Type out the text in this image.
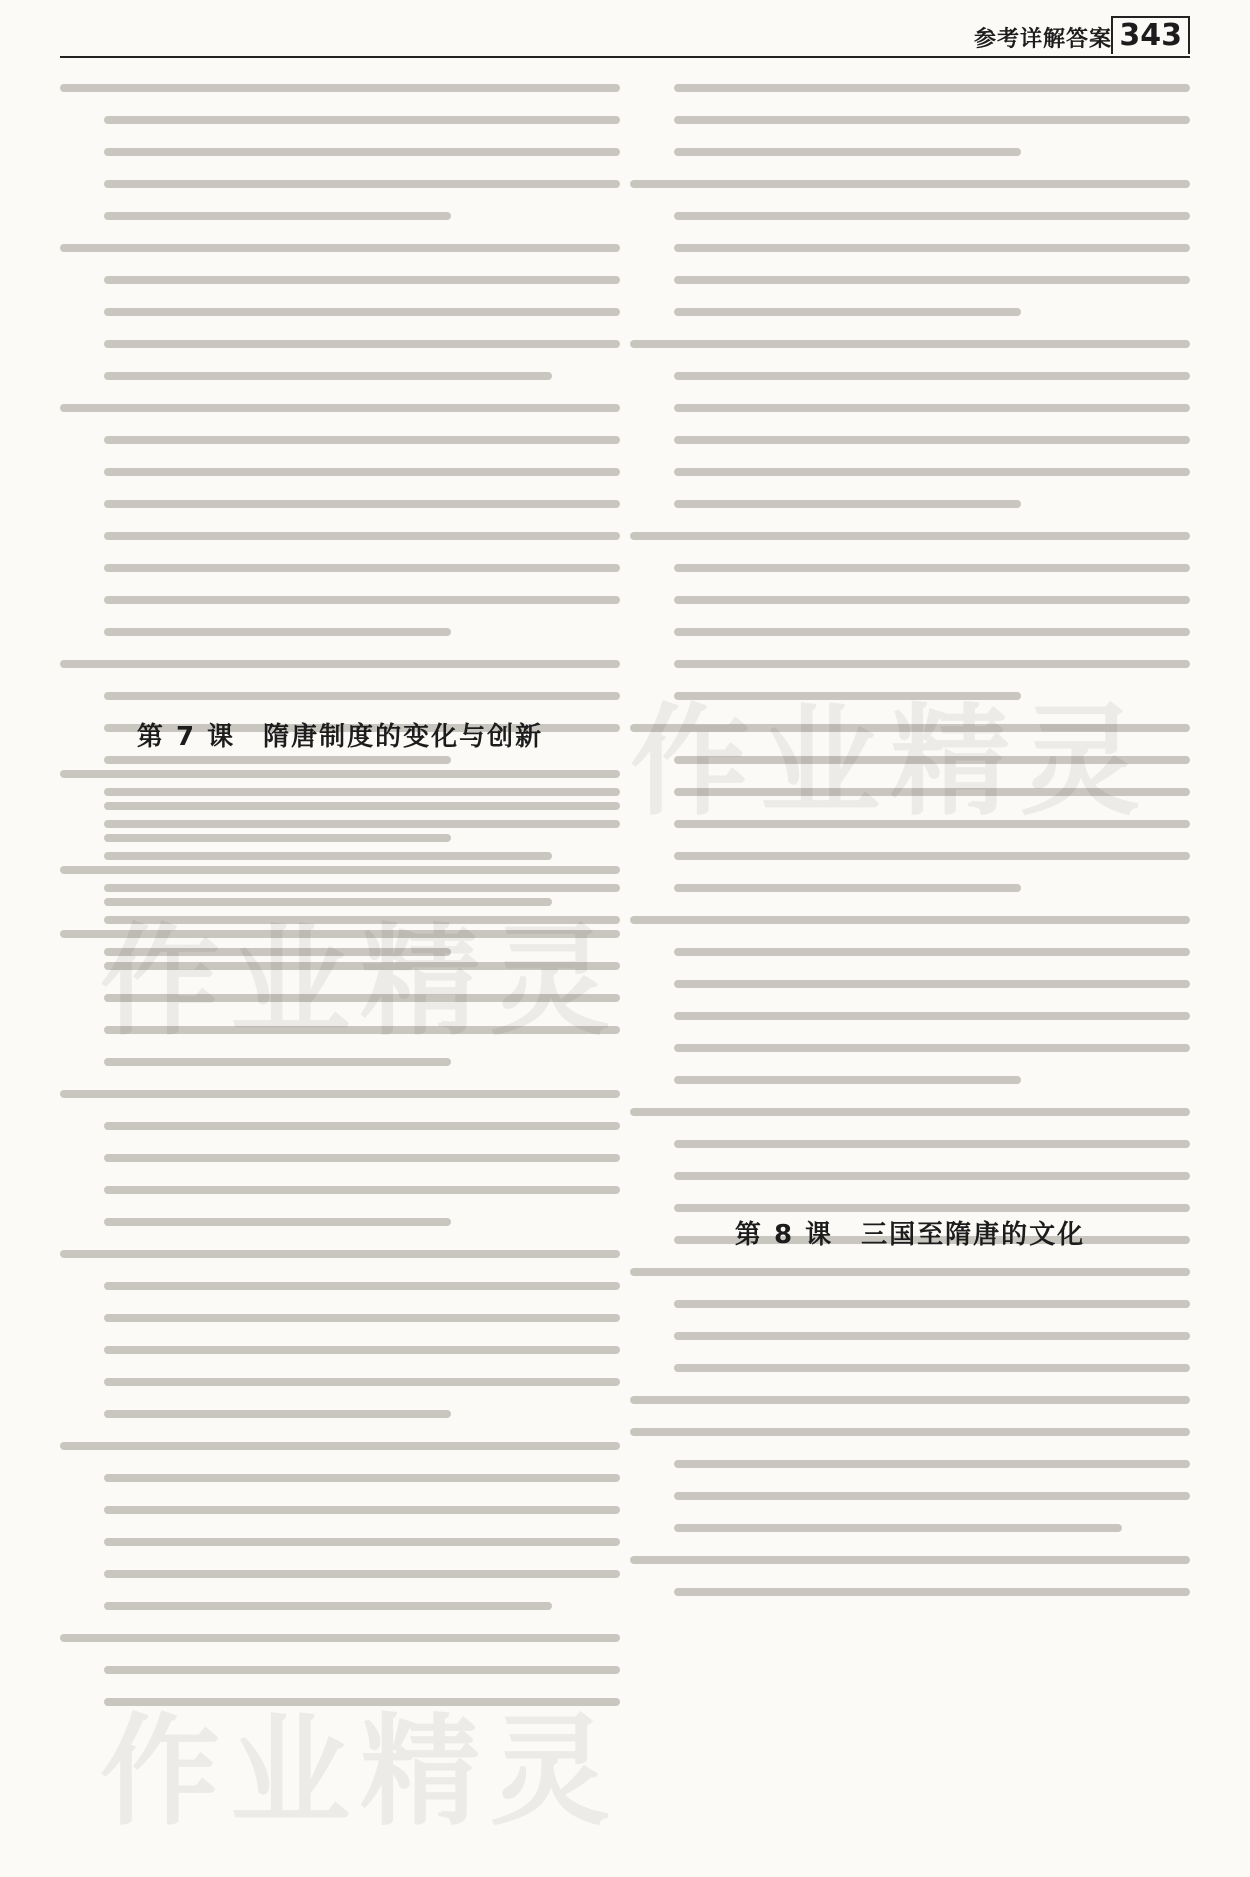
参考详解答案 343
第 7 课　隋唐制度的变化与创新
作业精灵
作业精灵
第 8 课　三国至隋唐的文化
作业精灵
